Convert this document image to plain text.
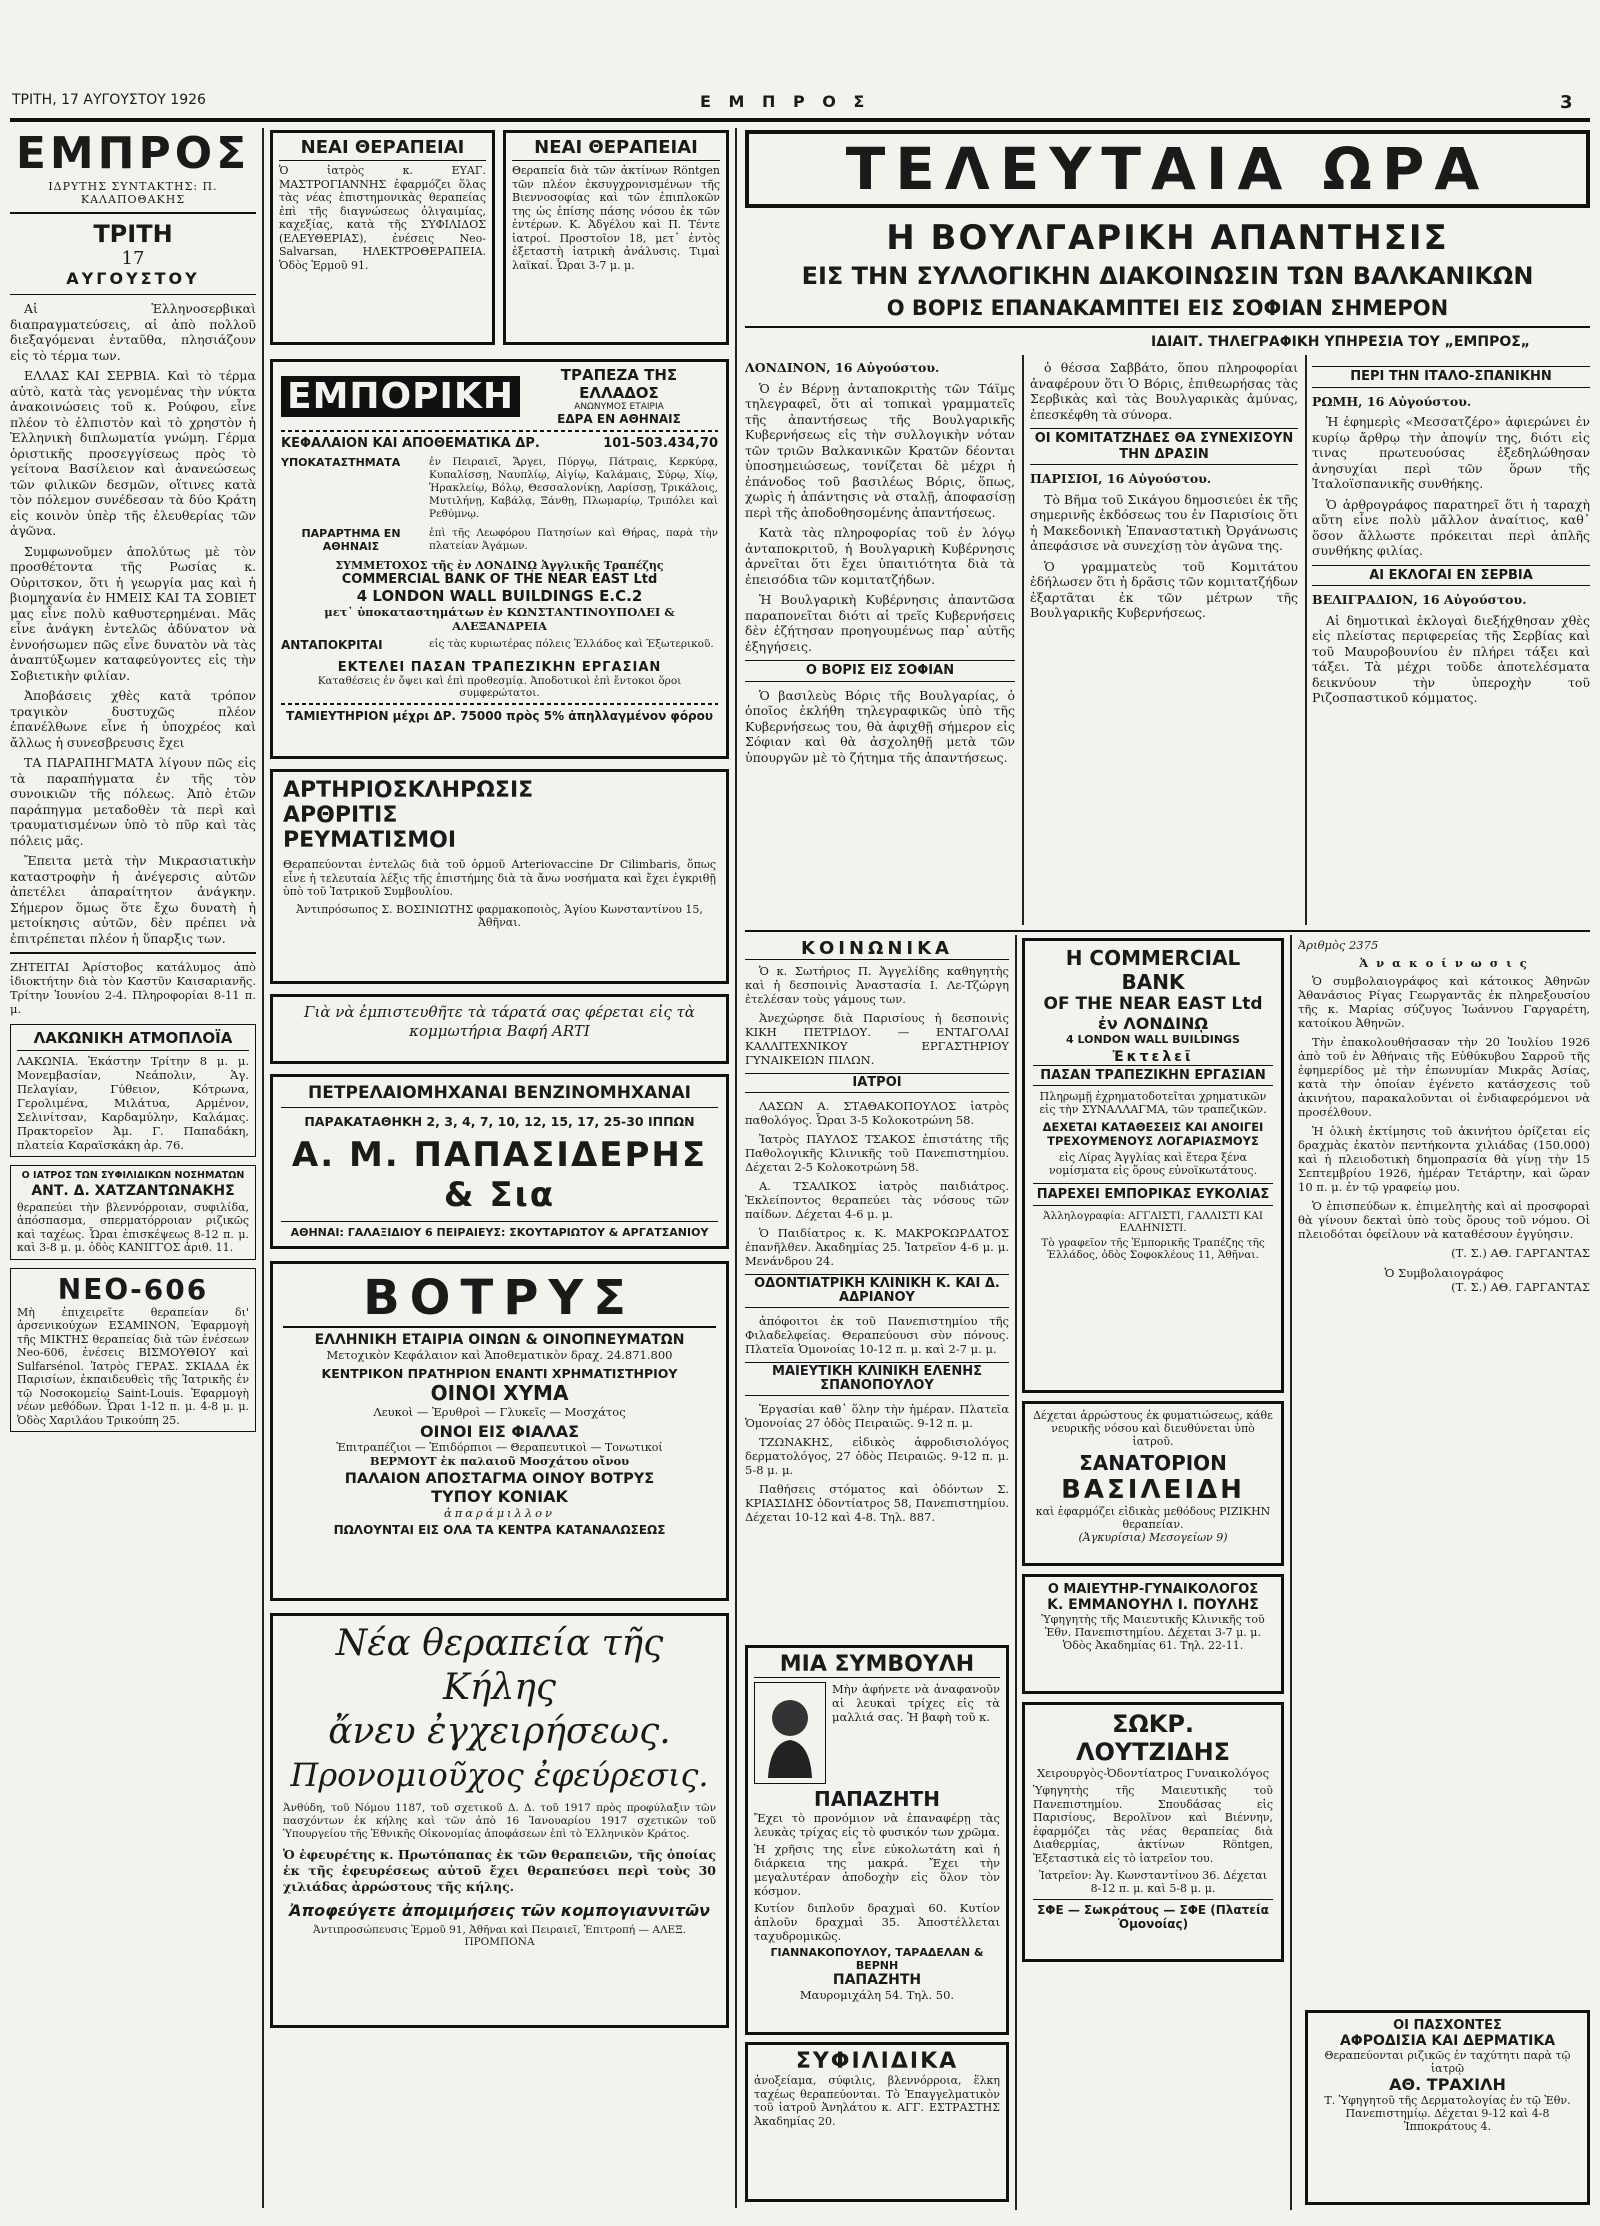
ΤΡΙΤΗ, 17 ΑΥΓΟΥΣΤΟΥ 1926	Ε Μ Π Ρ Ο Σ	3
ΕΜΠΡΟΣ
ΙΔΡΥΤΗΣ ΣΥΝΤΑΚΤΗΣ: Π. ΚΑΛΑΠΟΘΑΚΗΣ
ΤΡΙΤΗ
17
ΑΥΓΟΥΣΤΟΥ

Αἱ Ἑλληνοσερβικαὶ διαπραγματεύσεις, αἱ ἀπὸ πολλοῦ διεξαγόμεναι ἐνταῦθα, πλησιάζουν εἰς τὸ τέρμα των.

ΕΛΛΑΣ ΚΑΙ ΣΕΡΒΙΑ. Καὶ τὸ τέρμα αὐτὸ, κατὰ τὰς γενομένας τὴν νύκτα ἀνακοινώσεις τοῦ κ. Ρούφου, εἶνε πλέον τὸ ἐλπιστὸν καὶ τὸ χρηστὸν ἡ Ἑλληνικὴ διπλωματία γνώμη. Γέρμα ὁριστικῆς προσεγγίσεως πρὸς τὸ γείτονα Βασίλειον καὶ ἀνανεώσεως τῶν φιλικῶν δεσμῶν, οἵτινες κατὰ τὸν πόλεμον συνέδεσαν τὰ δύο Κράτη εἰς κοινὸν ὑπὲρ τῆς ἐλευθερίας τῶν ἀγῶνα.

Συμφωνοῦμεν ἀπολύτως μὲ τὸν προσθέτοντα τῆς Ρωσίας κ. Οὐριτσκον, ὅτι ἡ γεωργία μας καὶ ἡ βιομηχανία ἐν ΗΜΕΙΣ ΚΑΙ ΤΑ ΣΟΒΙΕΤ μας εἶνε πολὺ καθυστερημέναι. Μᾶς εἶνε ἀνάγκη ἐντελῶς ἀδύνατον νὰ ἐννοήσωμεν πῶς εἶνε δυνατὸν νὰ τὰς ἀναπτύξωμεν καταφεύγοντες εἰς τὴν Σοβιετικὴν φιλίαν.

Ἀποβάσεις χθὲς κατὰ τρόπον τραγικὸν δυστυχῶς πλέον ἐπανέλθωνε εἶνε ἡ ὑποχρέος καὶ ἄλλως ἡ συνεσβρευσις ἔχει

ΤΑ ΠΑΡΑΠΗΓΜΑΤΑ λίγουν πῶς εἰς τὰ παραπήγματα ἐν τῆς τὸν συνοικιῶν τῆς πόλεως. Ἀπὸ ἐτῶν παράπηγμα μεταδοθὲν τὰ περὶ καὶ τραυματισμένων ὑπὸ τὸ πῦρ καὶ τὰς πόλεις μᾶς.

Ἔπειτα μετὰ τὴν Μικρασιατικὴν καταστροφὴν ἡ ἀνέγερσις αὐτῶν ἀπετέλει ἀπαραίτητον ἀνάγκην. Σήμερον ὅμως ὅτε ἔχω δυνατὴ ἡ μετοίκησις αὐτῶν, δὲν πρέπει νὰ ἐπιτρέπεται πλέον ἡ ὕπαρξις των.

ΖΗΤΕΙΤΑΙ Ἀρίστοβος κατάλυμος ἀπὸ ἰδιοκτήτην διὰ τὸν Καστῦν Καισαριανῆς. Τρίτην Ἰουνίου 2-4. Πληροφορίαι 8-11 π. μ.
ΛΑΚΩΝΙΚΗ ΑΤΜΟΠΛΟΪΑ
ΛΑΚΩΝΙΑ. Ἐκάστην Τρίτην 8 μ. μ. Μονεμβασίαν, Νεάπολιν, Ἁγ. Πελαγίαν, Γύθειον, Κότρωνα, Γερολιμένα, Μιλάτυα, Αρμένον, Σελινίτσαν, Καρδαμύλην, Καλάμας. Πρακτορεῖον Ἀμ. Γ. Παπαδάκη, πλατεία Καραϊσκάκη ἀρ. 76.
Ο ΙΑΤΡΟΣ ΤΩΝ ΣΥΦΙΛΙΔΙΚΩΝ ΝΟΣΗΜΑΤΩΝ
ΑΝΤ. Δ. ΧΑΤΖΑΝΤΩΝΑΚΗΣ
θεραπεύει τὴν βλεννόρροιαν, συφιλίδα, ἀπόσπασμα, σπερματόρροιαν ριζικῶς καὶ ταχέως. Ὧραι ἐπισκέψεως 8-12 π. μ. καὶ 3-8 μ. μ. ὁδὸς ΚΑΝΙΓΓΟΣ ἀριθ. 11.
ΝΕΟ-606
Μὴ ἐπιχειρεῖτε θεραπείαν δι' ἀρσενικούχων ΕΣΑΜΙΝΟΝ, Ἐφαρμογὴ τῆς ΜΙΚΤΗΣ θεραπείας διὰ τῶν ἐνέσεων Neo-606, ἐνέσεις ΒΙΣΜΟΥΘΙΟΥ καὶ Sulfarsénol. Ἰατρὸς ΓΕΡΑΣ. ΣΚΙΑΔΑ ἐκ Παρισίων, ἐκπαιδευθεὶς τῆς Ἰατρικῆς ἐν τῷ Νοσοκομείῳ Saint-Louis. Ἐφαρμογὴ νέων μεθόδων. Ὧραι 1-12 π. μ. 4-8 μ. μ. Ὁδὸς Χαριλάου Τρικούπη 25.
ΝΕΑΙ ΘΕΡΑΠΕΙΑΙ
Ὁ ἰατρὸς κ. ΕΥΑΓ. ΜΑΣΤΡΟΓΙΑΝΝΗΣ ἐφαρμόζει ὅλας τὰς νέας ἐπιστημονικὰς θεραπείας ἐπὶ τῆς διαγνώσεως ὀλιγαιμίας, καχεξίας, κατὰ τῆς ΣΥΦΙΛΙΔΟΣ (ΕΛΕΥΘΕΡΙΑΣ), ἐνέσεις Neo-Salvarsan, ΗΛΕΚΤΡΟΘΕΡΑΠΕΙΑ. Ὁδὸς Ἑρμοῦ 91.
ΝΕΑΙ ΘΕΡΑΠΕΙΑΙ
Θεραπεία διὰ τῶν ἀκτίνων Röntgen τῶν πλέον ἐκσυγχρονισμένων τῆς Βιεννοσοφίας καὶ τῶν ἐπιπλοκῶν της ὡς ἐπίσης πάσης νόσου ἐκ τῶν ἐντέρων. Κ. Ἀδγέλου καὶ Π. Τέντε ἰατροί. Προστοῖον 18, μετ᾽ ἐντὸς ἐξεταστὴ ἰατρικὴ ἀνάλυσις. Τιμαὶ λαϊκαί. Ὧραι 3-7 μ. μ.
ΕΜΠΟΡΙΚΗ
ΤΡΑΠΕΖΑ ΤΗΣ ΕΛΛΑΔΟΣ
ΑΝΩΝΥΜΟΣ ΕΤΑΙΡΙΑ
ΕΔΡΑ ΕΝ ΑΘΗΝΑΙΣ
ΚΕΦΑΛΑΙΟΝ ΚΑΙ ΑΠΟΘΕΜΑΤΙΚΑ ΔΡ.	101-503.434,70
ΥΠΟΚΑΤΑΣΤΗΜΑΤΑ	ἐν Πειραιεῖ, Ἄργει, Πύργῳ, Πάτραις, Κερκύρᾳ, Κυπαλίσσῃ, Ναυπλίῳ, Αἰγίῳ, Καλάμαις, Σύρῳ, Χίῳ, Ἡρακλείῳ, Βόλῳ, Θεσσαλονίκῃ, Λαρίσσῃ, Τρικάλοις, Μυτιλήνῃ, Καβάλᾳ, Ξάνθῃ, Πλωμαρίῳ, Τριπόλει καὶ Ρεθύμνῳ.
ΠΑΡΑΡΤΗΜΑ ΕΝ ΑΘΗΝΑΙΣ
ἐπὶ τῆς Λεωφόρου Πατησίων καὶ Θήρας, παρὰ τὴν πλατείαν Ἀγάμων.
ΣΥΜΜΕΤΟΧΟΣ τῆς ἐν ΛΟΝΔΙΝῼ Ἀγγλικῆς Τραπέζης
COMMERCIAL BANK OF THE NEAR EAST Ltd
4 LONDON WALL BUILDINGS E.C.2
μετ᾽ ὑποκαταστημάτων ἐν ΚΩΝΣΤΑΝΤΙΝΟΥΠΟΛΕΙ & ΑΛΕΞΑΝΔΡΕΙΑ
ΑΝΤΑΠΟΚΡΙΤΑΙ	εἰς τὰς κυριωτέρας πόλεις Ἑλλάδος καὶ Ἐξωτερικοῦ.
ΕΚΤΕΛΕΙ ΠΑΣΑΝ ΤΡΑΠΕΖΙΚΗΝ ΕΡΓΑΣΙΑΝ
Καταθέσεις ἐν ὄψει καὶ ἐπὶ προθεσμίᾳ. Ἀποδοτικοὶ ἐπὶ ἔντοκοι ὅροι συμφερώτατοι.
ΤΑΜΙΕΥΤΗΡΙΟΝ μέχρι ΔΡ. 75000 πρὸς 5% ἀπηλλαγμένον φόρου
ΑΡΤΗΡΙΟΣΚΛΗΡΩΣΙΣ
ΑΡΘΡΙΤΙΣ
ΡΕΥΜΑΤΙΣΜΟΙ
Θεραπεύονται ἐντελῶς διὰ τοῦ ὁρμοῦ Arteriovaccine Dr Cilimbaris, ὅπως εἶνε ἡ τελευταία λέξις τῆς ἐπιστήμης διὰ τὰ ἄνω νοσήματα καὶ ἔχει ἐγκριθῇ ὑπὸ τοῦ Ἰατρικοῦ Συμβουλίου.
Ἀντιπρόσωπος Σ. ΒΟΣΙΝΙΩΤΗΣ φαρμακοποιὸς, Ἁγίου Κωνσταντίνου 15, Ἀθῆναι.
Γιὰ νὰ ἐμπιστευθῆτε τὰ τάρατά σας φέρεται εἰς τὰ κομμωτήρια Βαφή ARTI
ΠΕΤΡΕΛΑΙΟΜΗΧΑΝΑΙ ΒΕΝΖΙΝΟΜΗΧΑΝΑΙ
ΠΑΡΑΚΑΤΑΘΗΚΗ 2, 3, 4, 7, 10, 12, 15, 17, 25-30 ΙΠΠΩΝ
Α. Μ. ΠΑΠΑΣΙΔΕΡΗΣ & Σια
ΑΘΗΝΑΙ: ΓΑΛΑΞΙΔΙΟΥ 6 ΠΕΙΡΑΙΕΥΣ: ΣΚΟΥΤΑΡΙΩΤΟΥ & ΑΡΓΑΤΣΑΝΙΟΥ
ΒΟΤΡΥΣ
ΕΛΛΗΝΙΚΗ ΕΤΑΙΡΙΑ ΟΙΝΩΝ & ΟΙΝΟΠΝΕΥΜΑΤΩΝ
Μετοχικὸν Κεφάλαιον καὶ Ἀποθεματικὸν δραχ. 24.871.800
ΚΕΝΤΡΙΚΟΝ ΠΡΑΤΗΡΙΟΝ ΕΝΑΝΤΙ ΧΡΗΜΑΤΙΣΤΗΡΙΟΥ
ΟΙΝΟΙ ΧΥΜΑ
Λευκοὶ — Ἐρυθροὶ — Γλυκεῖς — Μοσχάτος
ΟΙΝΟΙ ΕΙΣ ΦΙΑΛΑΣ
Ἐπιτραπέζιοι — Ἐπιδόρπιοι — Θεραπευτικοὶ — Τονωτικοί
ΒΕΡΜΟΥΤ ἐκ παλαιοῦ Μοσχάτου οἴνου
ΠΑΛΑΙΟΝ ΑΠΟΣΤΑΓΜΑ ΟΙΝΟΥ ΒΟΤΡΥΣ
ΤΥΠΟΥ ΚΟΝΙΑΚ
ἀπαράμιλλον
ΠΩΛΟΥΝΤΑΙ ΕΙΣ ΟΛΑ ΤΑ ΚΕΝΤΡΑ ΚΑΤΑΝΑΛΩΣΕΩΣ
Νέα θεραπεία τῆς Κήλης
ἄνευ ἐγχειρήσεως.
Προνομιοῦχος ἐφεύρεσις.
Ἀνθύδη, τοῦ Νόμου 1187, τοῦ σχετικοῦ Δ. Δ. τοῦ 1917 πρὸς προφύλαξιν τῶν πασχόντων ἐκ κήλης καὶ τῶν ἀπὸ 16 Ἰανουαρίου 1917 σχετικῶν τοῦ Ὑπουργείου τῆς Ἐθνικῆς Οἰκονομίας ἀποφάσεων ἐπὶ τὸ Ἑλληνικὸν Κράτος.
Ὁ ἐφευρέτης κ. Πρωτόπαπας ἐκ τῶν θεραπειῶν, τῆς ὁποίας ἐκ τῆς ἐφευρέσεως αὐτοῦ ἔχει θεραπεύσει περὶ τοὺς 30 χιλιάδας ἀρρώστους τῆς κήλης.
Ἀποφεύγετε ἀπομιμήσεις τῶν κομπογιαννιτῶν
Ἀντιπροσώπευσις Ἑρμοῦ 91, Ἀθῆναι καὶ Πειραιεῖ, Ἐπιτροπή — ΑΛΕΞ. ΠΡΟΜΠΟΝΑ
ΤΕΛΕΥΤΑΙΑ ΩΡΑ
Η ΒΟΥΛΓΑΡΙΚΗ ΑΠΑΝΤΗΣΙΣ
ΕΙΣ ΤΗΝ ΣΥΛΛΟΓΙΚΗΝ ΔΙΑΚΟΙΝΩΣΙΝ ΤΩΝ ΒΑΛΚΑΝΙΚΩΝ
Ο ΒΟΡΙΣ ΕΠΑΝΑΚΑΜΠΤΕΙ ΕΙΣ ΣΟΦΙΑΝ ΣΗΜΕΡΟΝ
ΙΔΙΑΙΤ. ΤΗΛΕΓΡΑΦΙΚΗ ΥΠΗΡΕΣΙΑ ΤΟΥ „ΕΜΠΡΟΣ„

ΛΟΝΔΙΝΟΝ, 16 Αὐγούστου.

Ὁ ἐν Βέρνῃ ἀνταποκριτὴς τῶν Τάϊμς τηλεγραφεῖ, ὅτι αἱ τοπικαὶ γραμματεῖς τῆς ἀπαντήσεως τῆς Βουλγαρικῆς Κυβερνήσεως εἰς τὴν συλλογικὴν νόταν τῶν τριῶν Βαλκανικῶν Κρατῶν δέονται ὑποσημειώσεως, τονίζεται δὲ μέχρι ἡ ἐπάνοδος τοῦ βασιλέως Βόρις, ὅπως, χωρὶς ἡ ἀπάντησις νὰ σταλῇ, ἀποφασίσῃ περὶ τῆς ἀποδοθησομένης ἀπαντήσεως.

Κατὰ τὰς πληροφορίας τοῦ ἐν λόγῳ ἀνταποκριτοῦ, ἡ Βουλγαρικὴ Κυβέρνησις ἀρνεῖται ὅτι ἔχει ὑπαιτιότητα διὰ τὰ ἐπεισόδια τῶν κομιτατζήδων.

Ἡ Βουλγαρικὴ Κυβέρνησις ἀπαντῶσα παραπονεῖται διότι αἱ τρεῖς Κυβερνήσεις δὲν ἐζήτησαν προηγουμένως παρ᾽ αὐτῆς ἐξηγήσεις.

Ο ΒΟΡΙΣ ΕΙΣ ΣΟΦΙΑΝ

Ὁ βασιλεὺς Βόρις τῆς Βουλγαρίας, ὁ ὁποῖος ἐκλήθη τηλεγραφικῶς ὑπὸ τῆς Κυβερνήσεως του, θὰ ἀφιχθῇ σήμερον εἰς Σόφιαν καὶ θὰ ἀσχοληθῇ μετὰ τῶν ὑπουργῶν μὲ τὸ ζήτημα τῆς ἀπαντήσεως.

ὁ θέσσα Σαββάτο, ὅπου πληροφορίαι ἀναφέρουν ὅτι Ὁ Βόρις, ἐπιθεωρήσας τὰς Σερβικὰς καὶ τὰς Βουλγαρικὰς ἀμύνας, ἐπεσκέφθη τὰ σύνορα.

ΟΙ ΚΟΜΙΤΑΤΖΗΔΕΣ ΘΑ ΣΥΝΕΧΙΣΟΥΝ ΤΗΝ ΔΡΑΣΙΝ

ΠΑΡΙΣΙΟΙ, 16 Αὐγούστου.

Τὸ Βῆμα τοῦ Σικάγου δημοσιεύει ἐκ τῆς σημερινῆς ἐκδόσεως του ἐν Παρισίοις ὅτι ἡ Μακεδονικὴ Ἐπαναστατικὴ Ὀργάνωσις ἀπεφάσισε νὰ συνεχίσῃ τὸν ἀγῶνα της.

Ὁ γραμματεὺς τοῦ Κομιτάτου ἐδήλωσεν ὅτι ἡ δρᾶσις τῶν κομιτατζήδων ἐξαρτᾶται ἐκ τῶν μέτρων τῆς Βουλγαρικῆς Κυβερνήσεως.

ΠΕΡΙ ΤΗΝ ΙΤΑΛΟ-ΣΠΑΝΙΚΗΝ

ΡΩΜΗ, 16 Αὐγούστου.

Ἡ ἐφημερὶς «Μεσσατζέρο» ἀφιερώνει ἐν κυρίῳ ἄρθρῳ τὴν ἀποψίν της, διότι εἰς τινας πρωτευούσας ἐξεδηλώθησαν ἀνησυχίαι περὶ τῶν ὅρων τῆς Ἰταλοϊσπανικῆς συνθήκης.

Ὁ ἀρθρογράφος παρατηρεῖ ὅτι ἡ ταραχὴ αὕτη εἶνε πολὺ μᾶλλον ἀναίτιος, καθ᾽ ὅσον ἄλλωστε πρόκειται περὶ ἁπλῆς συνθήκης φιλίας.

ΑΙ ΕΚΛΟΓΑΙ ΕΝ ΣΕΡΒΙΑ

ΒΕΛΙΓΡΑΔΙΟΝ, 16 Αὐγούστου.

Αἱ δημοτικαὶ ἐκλογαὶ διεξήχθησαν χθὲς εἰς πλείστας περιφερείας τῆς Σερβίας καὶ τοῦ Μαυροβουνίου ἐν πλήρει τάξει καὶ τάξει. Τὰ μέχρι τοῦδε ἀποτελέσματα δεικνύουν τὴν ὑπεροχὴν τοῦ Ριζοσπαστικοῦ κόμματος.

ΚΟΙΝΩΝΙΚΑ

Ὁ κ. Σωτήριος Π. Ἀγγελίδης καθηγητὴς καὶ ἡ δεσποινὶς Ἀναστασία Ι. Λε-Τζώργη ἐτελέσαν τοὺς γάμους των.

Ἀνεχώρησε διὰ Παρισίους ἡ δεσποινὶς ΚΙΚΗ ΠΕΤΡΙΔΟΥ. — ΕΝΤΑΓΟΛΑΙ ΚΑΛΛΙΤΕΧΝΙΚΟΥ ΕΡΓΑΣΤΗΡΙΟΥ ΓΥΝΑΙΚΕΙΩΝ ΠΙΛΩΝ.

ΙΑΤΡΟΙ

ΛΑΣΩΝ Α. ΣΤΑΘΑΚΟΠΟΥΛΟΣ ἰατρὸς παθολόγος. Ὧραι 3-5 Κολοκοτρώνη 58.

Ἰατρὸς ΠΑΥΛΟΣ ΤΣΑΚΟΣ ἐπιστάτης τῆς Παθολογικῆς Κλινικῆς τοῦ Πανεπιστημίου. Δέχεται 2-5 Κολοκοτρώνη 58.

Α. ΤΣΑΛΙΚΟΣ ἰατρὸς παιδιάτρος. Ἐκλείποντος θεραπεύει τὰς νόσους τῶν παίδων. Δέχεται 4-6 μ. μ.

Ὁ Παιδίατρος κ. Κ. ΜΑΚΡΟΚΩΡΔΑΤΟΣ ἐπανῆλθεν. Ἀκαδημίας 25. Ἰατρεῖον 4-6 μ. μ. Μενάνδρου 24.

ΟΔΟΝΤΙΑΤΡΙΚΗ ΚΛΙΝΙΚΗ Κ. ΚΑΙ Δ. ΑΔΡΙΑΝΟΥ

ἀπόφοιτοι ἐκ τοῦ Πανεπιστημίου τῆς Φιλαδελφείας. Θεραπεύουσι σὺν πόνους. Πλατεῖα Ὁμονοίας 10-12 π. μ. καὶ 2-7 μ. μ.

ΜΑΙΕΥΤΙΚΗ ΚΛΙΝΙΚΗ ΕΛΕΝΗΣ ΣΠΑΝΟΠΟΥΛΟΥ

Ἐργασίαι καθ᾽ ὅλην τὴν ἡμέραν. Πλατεῖα Ὁμονοίας 27 ὁδὸς Πειραιῶς. 9-12 π. μ.

ΤΖΩΝΑΚΗΣ, εἰδικὸς ἀφροδισιολόγος δερματολόγος, 27 ὁδὸς Πειραιῶς. 9-12 π. μ. 5-8 μ. μ.

Παθήσεις στόματος καὶ ὀδόντων Σ. ΚΡΙΑΣΙΔΗΣ ὀδοντίατρος 58, Πανεπιστημίου. Δέχεται 10-12 καὶ 4-8. Τηλ. 887.

ΜΙΑ ΣΥΜΒΟΥΛΗ
Μὴν ἀφήνετε νὰ ἀναφανοῦν αἱ λευκαὶ τρίχες εἰς τὰ μαλλιά σας. Ἡ βαφὴ τοῦ κ.
ΠΑΠΑΖΗΤΗ
Ἔχει τὸ προνόμιον νὰ ἐπαναφέρῃ τὰς λευκὰς τρίχας εἰς τὸ φυσικόν των χρῶμα.
Ἡ χρῆσις της εἶνε εὐκολωτάτη καὶ ἡ διάρκεια της μακρά. Ἔχει τὴν μεγαλυτέραν ἀποδοχὴν εἰς ὅλον τὸν κόσμον.
Κυτίον διπλοῦν δραχμαὶ 60. Κυτίον ἁπλοῦν δραχμαὶ 35. Ἀποστέλλεται ταχυδρομικῶς.
ΓΙΑΝΝΑΚΟΠΟΥΛΟΥ, ΤΑΡΑΔΕΛΑΝ & ΒΕΡΝΗ
ΠΑΠΑΖΗΤΗ
Μαυρομιχάλη 54. Τηλ. 50.
ΣΥΦΙΛΙΔΙΚΑ
ἀνοξείαμα, σύφιλις, βλεννόρροια, ἕλκη ταχέως θεραπεύονται. Τὸ Ἐπαγγελματικὸν τοῦ ἰατροῦ Ἀνηλάτου κ. ΑΓΓ. ΕΣΤΡΑΣΤΗΣ Ἀκαδημίας 20.
Η COMMERCIAL BANK
OF THE NEAR EAST Ltd
ἐν ΛΟΝΔΙΝῼ
4 LONDON WALL BUILDINGS
Ἐκτελεῖ
ΠΑΣΑΝ ΤΡΑΠΕΖΙΚΗΝ ΕΡΓΑΣΙΑΝ
Πληρωμῇ ἐχρηματοδοτεῖται χρηματικῶν εἰς τὴν ΣΥΝΑΛΛΑΓΜΑ, τῶν τραπεζικῶν.
ΔΕΧΕΤΑΙ ΚΑΤΑΘΕΣΕΙΣ ΚΑΙ ΑΝΟΙΓΕΙ ΤΡΕΧΟΥΜΕΝΟΥΣ ΛΟΓΑΡΙΑΣΜΟΥΣ
εἰς Λίρας Ἀγγλίας καὶ ἕτερα ξένα νομίσματα εἰς ὅρους εὐνοϊκωτάτους.
ΠΑΡΕΧΕΙ ΕΜΠΟΡΙΚΑΣ ΕΥΚΟΛΙΑΣ
Ἀλληλογραφία: ΑΓΓΛΙΣΤΙ, ΓΑΛΛΙΣΤΙ ΚΑΙ ΕΛΛΗΝΙΣΤΙ.
Τὸ γραφεῖον τῆς Ἐμπορικῆς Τραπέζης τῆς Ἑλλάδος, ὁδὸς Σοφοκλέους 11, Ἀθῆναι.
Δέχεται ἀρρώστους ἐκ φυματιώσεως, κάθε νευρικῆς νόσου καὶ διευθύνεται ὑπὸ ἰατροῦ.
ΣΑΝΑΤΟΡΙΟΝ
ΒΑΣΙΛΕΙΔΗ
καὶ ἐφαρμόζει εἰδικὰς μεθόδους ΡΙΖΙΚΗΝ θεραπείαν.
(Ἀγκυρίσια) Μεσογείων 9)
Ο ΜΑΙΕΥΤΗΡ-ΓΥΝΑΙΚΟΛΟΓΟΣ
Κ. ΕΜΜΑΝΟΥΗΛ Ι. ΠΟΥΛΗΣ
Ὑφηγητὴς τῆς Μαιευτικῆς Κλινικῆς τοῦ Ἐθν. Πανεπιστημίου. Δέχεται 3-7 μ. μ. Ὁδὸς Ἀκαδημίας 61. Τηλ. 22-11.
ΣΩΚΡ. ΛΟΥΤΖΙΔΗΣ
Χειρουργὸς-Ὀδοντίατρος Γυναικολόγος
Ὑφηγητὴς τῆς Μαιευτικῆς τοῦ Πανεπιστημίου. Σπουδάσας εἰς Παρισίους, Βερολῖνον καὶ Βιέννην, ἐφαρμόζει τὰς νέας θεραπείας διὰ Διαθερμίας, ἀκτίνων Röntgen, Ἐξεταστικὰ εἰς τὸ ἰατρεῖον του.
Ἰατρεῖον: Ἀγ. Κωνσταντίνου 36. Δέχεται 8-12 π. μ. καὶ 5-8 μ. μ.
ΣΦΕ — Σωκράτους — ΣΦΕ (Πλατεία Ὁμονοίας)
Ἀριθμὸς 2375
Ἀ ν α κ ο ί ν ω σ ι ς

Ὁ συμβολαιογράφος καὶ κάτοικος Ἀθηνῶν Ἀθανάσιος Ρίγας Γεωργαντᾶς ἐκ πληρεξουσίου τῆς κ. Μαρίας σύζυγος Ἰωάννου Γαργαρέτη, κατοίκου Ἀθηνῶν.

Τὴν ἐπακολουθήσασαν τὴν 20 Ἰουλίου 1926 ἀπὸ τοῦ ἐν Ἀθήναις τῆς Εὐθύκυβου Σαρροῦ τῆς ἐφημερίδος μὲ τὴν ἐπωνυμίαν Μικρᾶς Ἀσίας, κατὰ τὴν ὁποίαν ἐγένετο κατάσχεσις τοῦ ἀκινήτου, παρακαλοῦνται οἱ ἐνδιαφερόμενοι νὰ προσέλθουν.

Ἡ ὁλικὴ ἐκτίμησις τοῦ ἀκινήτου ὁρίζεται εἰς δραχμὰς ἑκατὸν πεντήκοντα χιλιάδας (150.000) καὶ ἡ πλειοδοτικὴ δημοπρασία θὰ γίνῃ τὴν 15 Σεπτεμβρίου 1926, ἡμέραν Τετάρτην, καὶ ὥραν 10 π. μ. ἐν τῷ γραφείῳ μου.

Ὁ ἐπισπεύδων κ. ἐπιμελητὴς καὶ αἱ προσφοραὶ θὰ γίνουν δεκταὶ ὑπὸ τοὺς ὅρους τοῦ νόμου. Οἱ πλειοδόται ὀφείλουν νὰ καταθέσουν ἐγγύησιν.

(Τ. Σ.) ΑΘ. ΓΑΡΓΑΝΤΑΣ
Ὁ Συμβολαιογράφος
(Τ. Σ.) ΑΘ. ΓΑΡΓΑΝΤΑΣ
ΟΙ ΠΑΣΧΟΝΤΕΣ
ΑΦΡΟΔΙΣΙΑ ΚΑΙ ΔΕΡΜΑΤΙΚΑ
Θεραπεύονται ριζικῶς ἐν ταχύτητι παρὰ τῷ ἰατρῷ
ΑΘ. ΤΡΑΧΙΛΗ
Τ. Ὑφηγητοῦ τῆς Δερματολογίας ἐν τῷ Ἐθν. Πανεπιστημίῳ. Δέχεται 9-12 καὶ 4-8 Ἰπποκράτους 4.
